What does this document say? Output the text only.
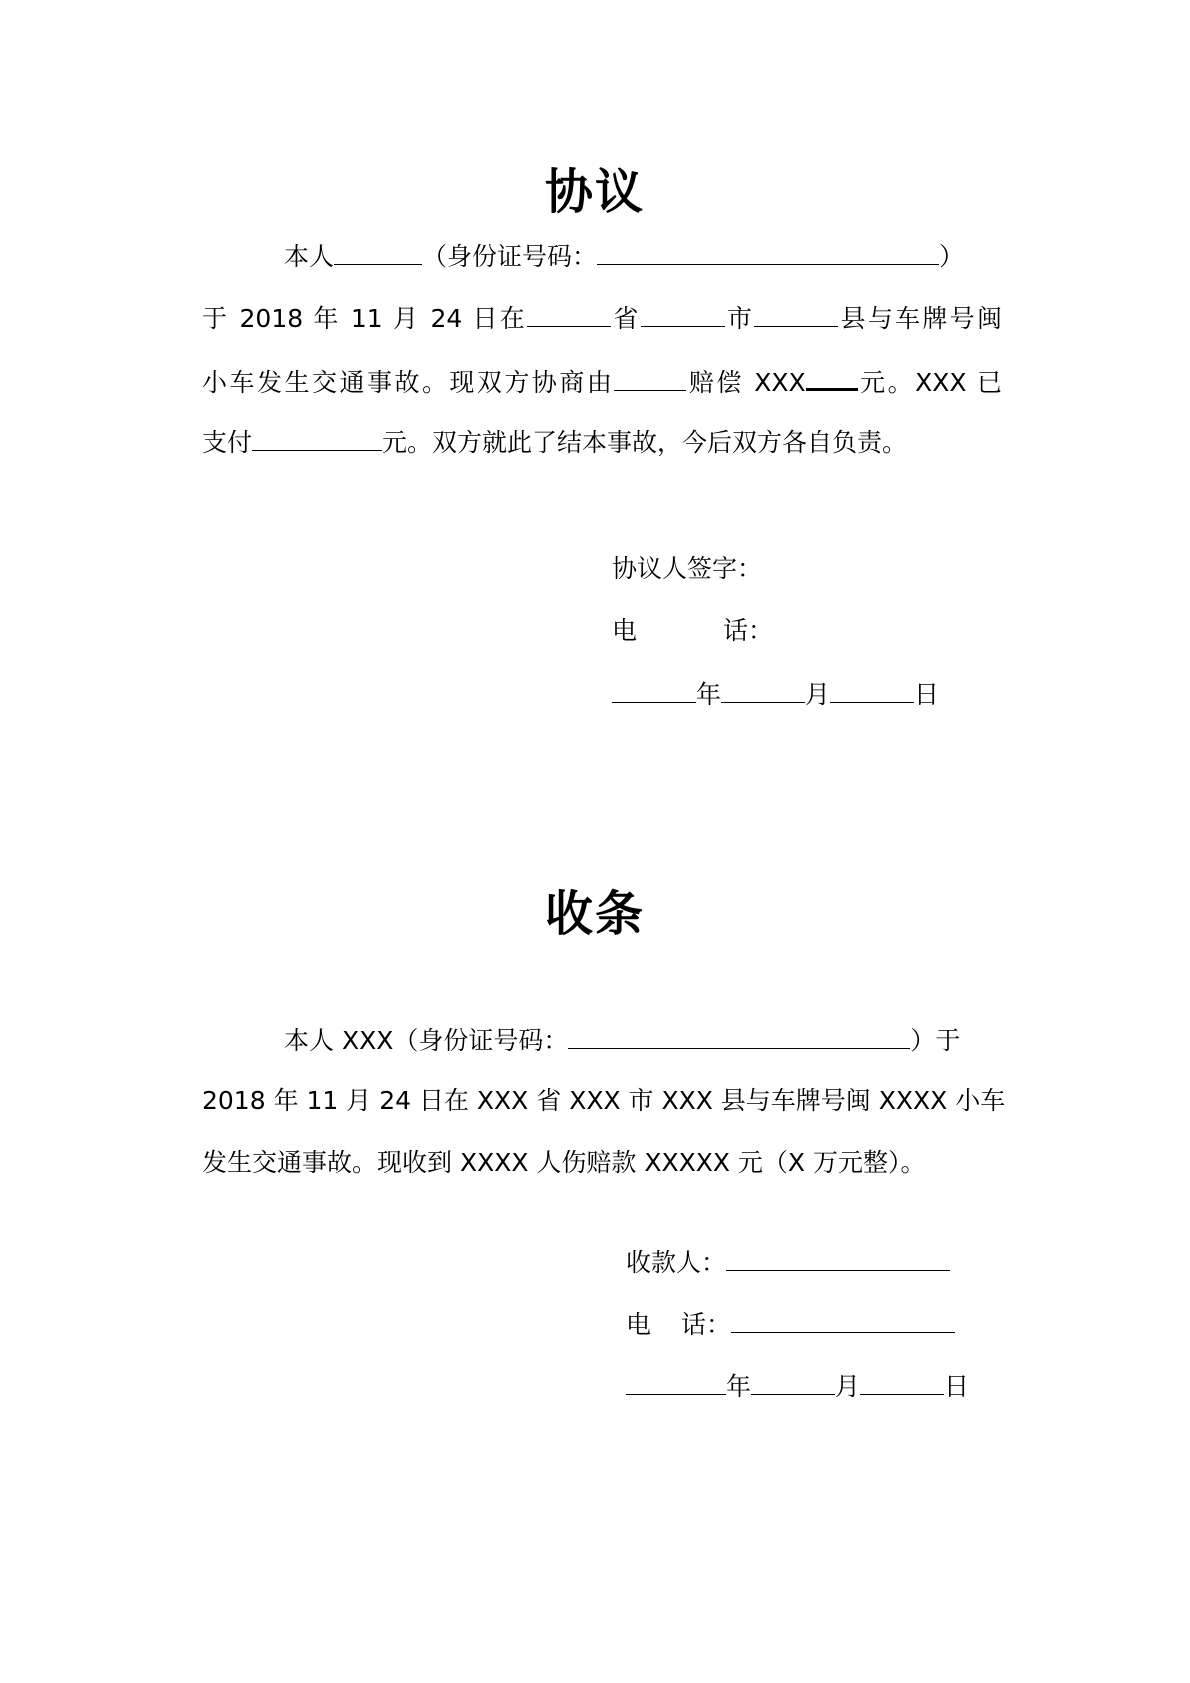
协议
本人	（身份证号码：	）
于 2018 年 11 月 24 日在	省	市	县与车牌号闽
小车发生交通事故。现双方协商由	赔偿 XXX 元。XXX 已
支付	元。双方就此了结本事故，今后双方各自负责。
协议人签字：
电	话：
年	月	日
收条
本人 XXX（身份证号码：	）于
2018 年 11 月 24 日在 XXX 省 XXX 市 XXX 县与车牌号闽 XXXX 小车
发生交通事故。现收到 XXXX 人伤赔款 XXXXX 元（X 万元整）。
收款人：
电 话：
年	月	日
